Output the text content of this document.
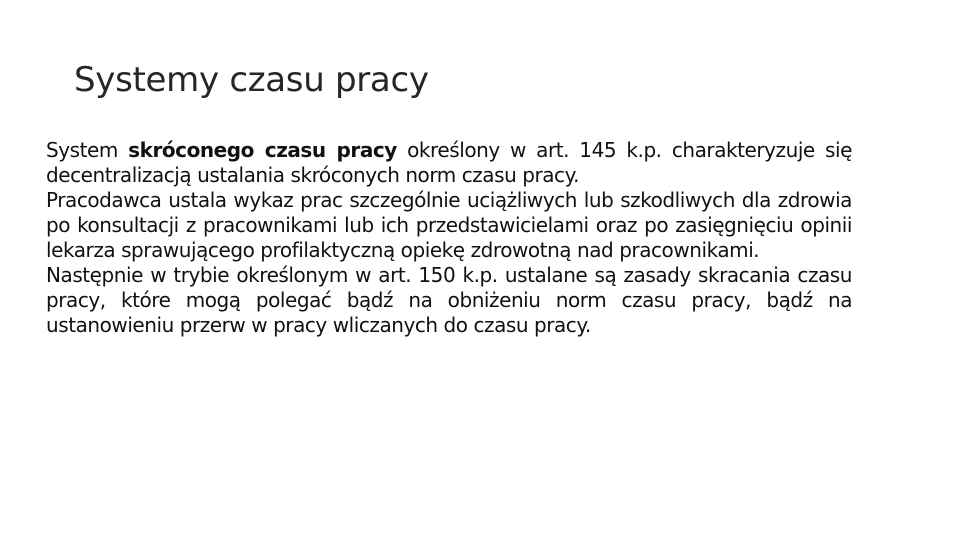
Systemy czasu pracy

System skróconego czasu pracy określony w art. 145 k.p. charakteryzuje się decentralizacją ustalania skróconych norm czasu pracy.

Pracodawca ustala wykaz prac szczególnie uciążliwych lub szkodliwych dla zdrowia po konsultacji z pracownikami lub ich przedstawicielami oraz po zasięgnięciu opinii lekarza sprawującego profilaktyczną opiekę zdrowotną nad pracownikami.

Następnie w trybie określonym w art. 150 k.p. ustalane są zasady skracania czasu pracy, które mogą polegać bądź na obniżeniu norm czasu pracy, bądź na ustanowieniu przerw w pracy wliczanych do czasu pracy.
